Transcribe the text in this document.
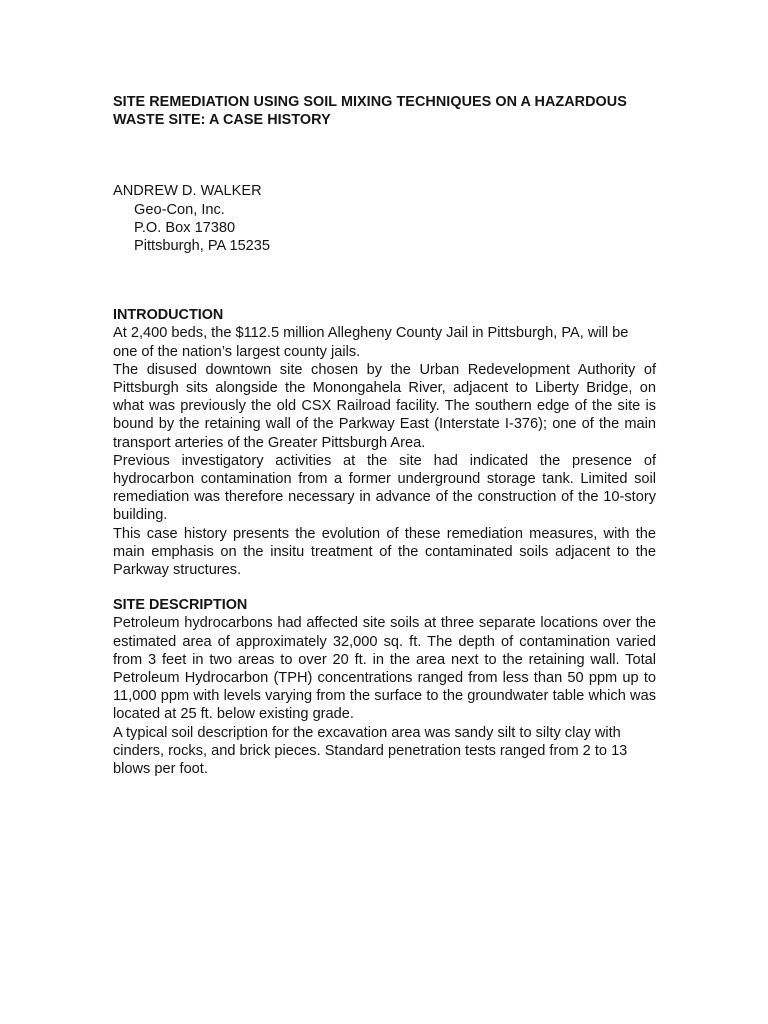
SITE REMEDIATION USING SOIL MIXING TECHNIQUES ON A HAZARDOUS

WASTE SITE: A CASE HISTORY

ANDREW D. WALKER

Geo-Con, Inc.

P.O. Box 17380

Pittsburgh, PA 15235

INTRODUCTION

At 2,400 beds, the $112.5 million Allegheny County Jail in Pittsburgh, PA, will be one of the nation’s largest county jails.

The disused downtown site chosen by the Urban Redevelopment Authority of Pittsburgh sits alongside the Monongahela River, adjacent to Liberty Bridge, on what was previously the old CSX Railroad facility. The southern edge of the site is bound by the retaining wall of the Parkway East (Interstate I-376); one of the main transport arteries of the Greater Pittsburgh Area.

Previous investigatory activities at the site had indicated the presence of hydrocarbon contamination from a former underground storage tank. Limited soil remediation was therefore necessary in advance of the construction of the 10-story building.

This case history presents the evolution of these remediation measures, with the main emphasis on the insitu treatment of the contaminated soils adjacent to the Parkway structures.

SITE DESCRIPTION

Petroleum hydrocarbons had affected site soils at three separate locations over the estimated area of approximately 32,000 sq. ft. The depth of contamination varied from 3 feet in two areas to over 20 ft. in the area next to the retaining wall. Total Petroleum Hydrocarbon (TPH) concentrations ranged from less than 50 ppm up to 11,000 ppm with levels varying from the surface to the groundwater table which was located at 25 ft. below existing grade.

A typical soil description for the excavation area was sandy silt to silty clay with cinders, rocks, and brick pieces. Standard penetration tests ranged from 2 to 13 blows per foot.
